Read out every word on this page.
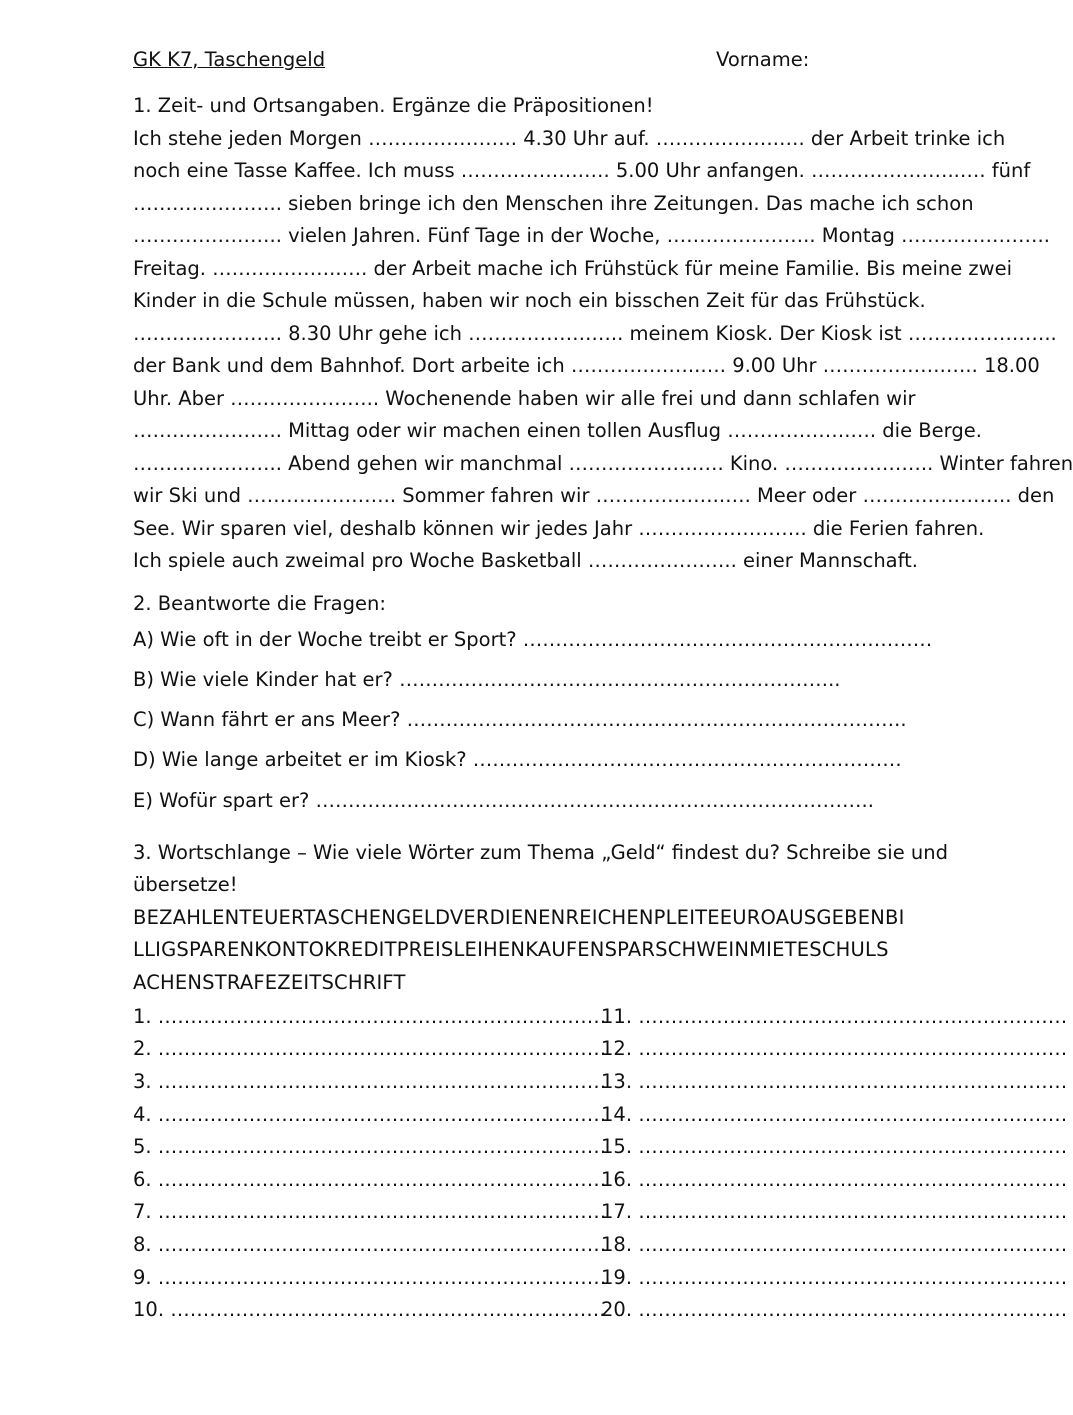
GK K7, Taschengeld	Vorname:
1. Zeit- und Ortsangaben. Ergänze die Präpositionen!
Ich stehe jeden Morgen ………………….. 4.30 Uhr auf. ……………….…. der Arbeit trinke ich
noch eine Tasse Kaffee. Ich muss ……………….…. 5.00 Uhr anfangen. …………………..…. fünf
………………….. sieben bringe ich den Menschen ihre Zeitungen. Das mache ich schon
………………….. vielen Jahren. Fünf Tage in der Woche, ………………….. Montag …………………..
Freitag. ………………..…. der Arbeit mache ich Frühstück für meine Familie. Bis meine zwei
Kinder in die Schule müssen, haben wir noch ein bisschen Zeit für das Frühstück.
………………….. 8.30 Uhr gehe ich ……………….….. meinem Kiosk. Der Kiosk ist …………………..
der Bank und dem Bahnhof. Dort arbeite ich ………………..…. 9.00 Uhr ……………….….. 18.00
Uhr. Aber ………………….. Wochenende haben wir alle frei und dann schlafen wir
………………….. Mittag oder wir machen einen tollen Ausflug ……………….…. die Berge.
………………….. Abend gehen wir manchmal ………………..…. Kino. ………………….. Winter fahren
wir Ski und ………………….. Sommer fahren wir ………………..…. Meer oder ………………….. den
See. Wir sparen viel, deshalb können wir jedes Jahr …………………….. die Ferien fahren.
Ich spiele auch zweimal pro Woche Basketball ………………….. einer Mannschaft.
2. Beantworte die Fragen:
A) Wie oft in der Woche treibt er Sport? ………………………………………………………
B) Wie viele Kinder hat er? …………………………………………………………..
C) Wann fährt er ans Meer? …………………………………………………………………..
D) Wie lange arbeitet er im Kiosk? …………………………………………………………
E) Wofür spart er? …………………………………………………………………………..
3. Wortschlange – Wie viele Wörter zum Thema „Geld“ findest du? Schreibe sie und
übersetze!
BEZAHLENTEUERTASCHENGELDVERDIENENREICHENPLEITEEUROAUSGEBENBI
LLIGSPARENKONTOKREDITPREISLEIHENKAUFENSPARSCHWEINMIETESCHULS
ACHENSTRAFEZEITSCHRIFT
1. ……………………………………………………………
2. ……………………………………………………………
3. ……………………………………………………………
4. ……………………………………………………………
5. ……………………………………………………………
6. ……………………………………………………………
7. ……………………………………………………………
8. ……………………………………………………………
9. ……………………………………………………………
10. ………………………………………………………….
11. …………………………………………………………
12. …………………………………………………………
13. …………………………………………………………
14. …………………………………………………………
15. …………………………………………………………
16. …………………………………………………………
17. …………………………………………………………
18. …………………………………………………………
19. …………………………………………………………
20. …………………………………………………………
